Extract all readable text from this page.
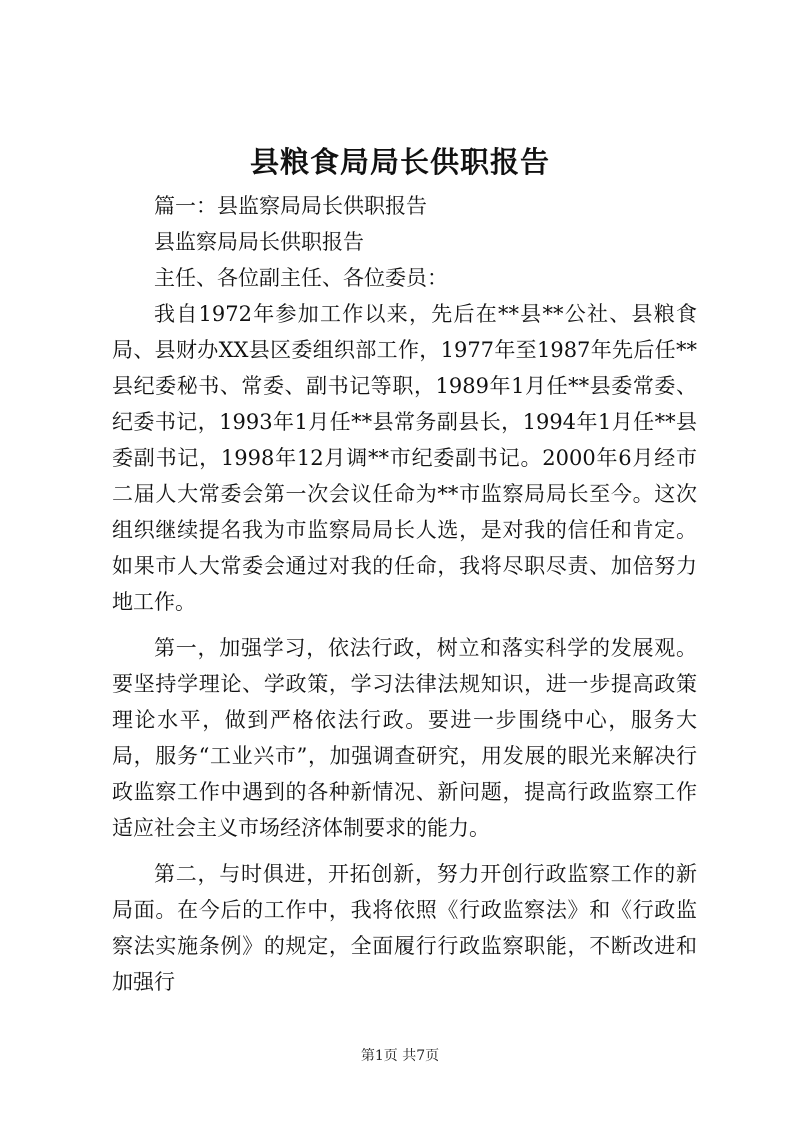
县粮食局局长供职报告

篇一：县监察局局长供职报告

县监察局局长供职报告

主任、各位副主任、各位委员：

我自1972年参加工作以来，先后在**县**公社、县粮食局、县财办XX县区委组织部工作，1977年至1987年先后任**县纪委秘书、常委、副书记等职，1989年1月任**县委常委、纪委书记，1993年1月任**县常务副县长，1994年1月任**县委副书记，1998年12月调**市纪委副书记。2000年6月经市二届人大常委会第一次会议任命为**市监察局局长至今。这次组织继续提名我为市监察局局长人选，是对我的信任和肯定。如果市人大常委会通过对我的任命，我将尽职尽责、加倍努力地工作。

第一，加强学习，依法行政，树立和落实科学的发展观。要坚持学理论、学政策，学习法律法规知识，进一步提高政策理论水平，做到严格依法行政。要进一步围绕中心，服务大局，服务“工业兴市”，加强调查研究，用发展的眼光来解决行政监察工作中遇到的各种新情况、新问题，提高行政监察工作适应社会主义市场经济体制要求的能力。

第二，与时俱进，开拓创新，努力开创行政监察工作的新局面。在今后的工作中，我将依照《行政监察法》和《行政监察法实施条例》的规定，全面履行行政监察职能，不断改进和加强行

第1页 共7页
